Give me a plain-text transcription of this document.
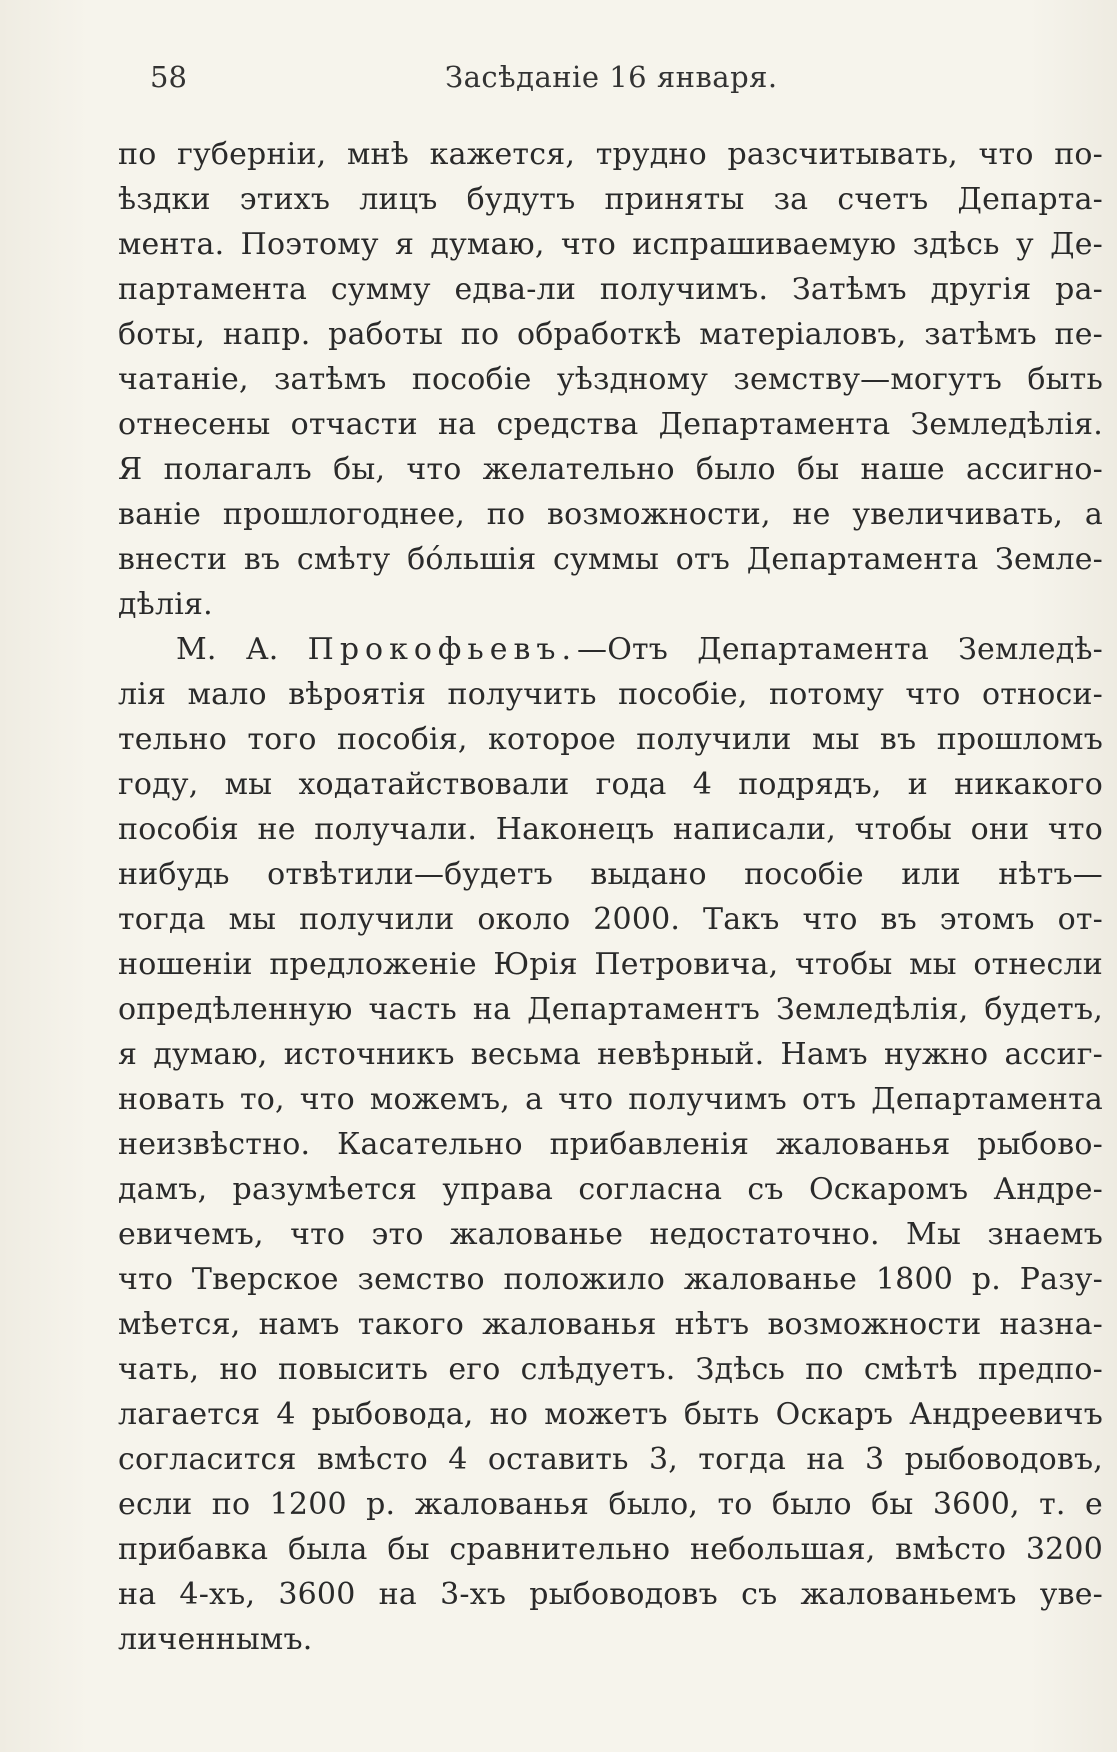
58	Засѣданіе 16 января.
по губерніи, мнѣ кажется, трудно разсчитывать, что по-
ѣздки этихъ лицъ будутъ приняты за счетъ Департа-
мента. Поэтому я думаю, что испрашиваемую здѣсь у Де-
партамента сумму едва-ли получимъ. Затѣмъ другія ра-
боты, напр. работы по обработкѣ матеріаловъ, затѣмъ пе-
чатаніе, затѣмъ пособіе уѣздному земству—могутъ быть
отнесены отчасти на средства Департамента Земледѣлія.
Я полагалъ бы, что желательно было бы наше ассигно-
ваніе прошлогоднее, по возможности, не увеличивать, а
внести въ смѣту бóльшія суммы отъ Департамента Земле-
дѣлія.
М. А. Прокофьевъ.—Отъ Департамента Земледѣ-
лія мало вѣроятія получить пособіе, потому что относи-
тельно того пособія, которое получили мы въ прошломъ
году, мы ходатайствовали года 4 подрядъ, и никакого
пособія не получали. Наконецъ написали, чтобы они что
нибудь отвѣтили—будетъ выдано пособіе или нѣтъ—
тогда мы получили около 2000. Такъ что въ этомъ от-
ношеніи предложеніе Юрія Петровича, чтобы мы отнесли
опредѣленную часть на Департаментъ Земледѣлія, будетъ,
я думаю, источникъ весьма невѣрный. Намъ нужно ассиг-
новать то, что можемъ, а что получимъ отъ Департамента
неизвѣстно. Касательно прибавленія жалованья рыбово-
дамъ, разумѣется управа согласна съ Оскаромъ Андре-
евичемъ, что это жалованье недостаточно. Мы знаемъ
что Тверское земство положило жалованье 1800 р. Разу-
мѣется, намъ такого жалованья нѣтъ возможности назна-
чать, но повысить его слѣдуетъ. Здѣсь по смѣтѣ предпо-
лагается 4 рыбовода, но можетъ быть Оскаръ Андреевичъ
согласится вмѣсто 4 оставить 3, тогда на 3 рыбоводовъ,
если по 1200 р. жалованья было, то было бы 3600, т. е
прибавка была бы сравнительно небольшая, вмѣсто 3200
на 4-хъ, 3600 на 3-хъ рыбоводовъ съ жалованьемъ уве-
личеннымъ.
